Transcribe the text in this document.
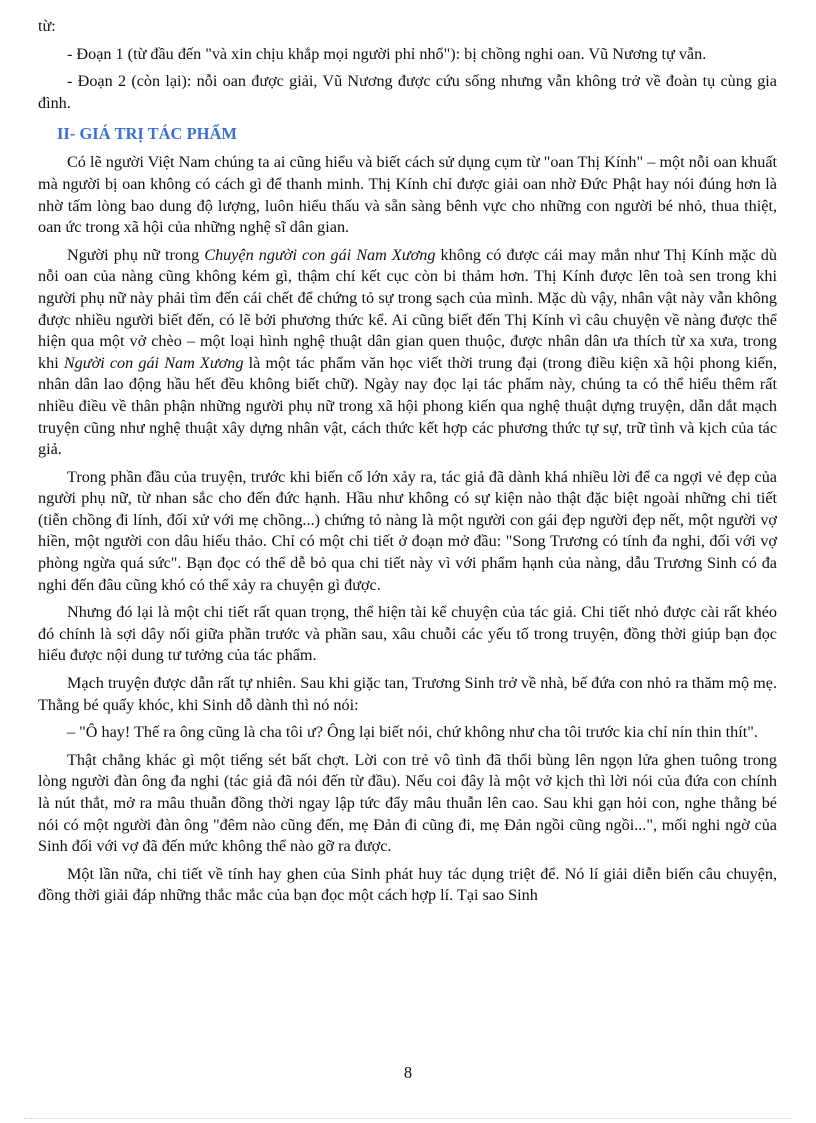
từ:

- Đoạn 1 (từ đầu đến "và xin chịu khắp mọi người phỉ nhổ"): bị chồng nghi oan. Vũ Nương tự vẫn.

- Đoạn 2 (còn lại): nỗi oan được giải, Vũ Nương được cứu sống nhưng vẫn không trở về đoàn tụ cùng gia đình.

II- GIÁ TRỊ TÁC PHẨM

Có lẽ người Việt Nam chúng ta ai cũng hiểu và biết cách sử dụng cụm từ "oan Thị Kính" – một nỗi oan khuất mà người bị oan không có cách gì để thanh minh. Thị Kính chỉ được giải oan nhờ Đức Phật hay nói đúng hơn là nhờ tấm lòng bao dung độ lượng, luôn hiểu thấu và sẵn sàng bênh vực cho những con người bé nhỏ, thua thiệt, oan ức trong xã hội của những nghệ sĩ dân gian.

Người phụ nữ trong Chuyện người con gái Nam Xương không có được cái may mắn như Thị Kính mặc dù nỗi oan của nàng cũng không kém gì, thậm chí kết cục còn bi thảm hơn. Thị Kính được lên toà sen trong khi người phụ nữ này phải tìm đến cái chết để chứng tỏ sự trong sạch của mình. Mặc dù vậy, nhân vật này vẫn không được nhiều người biết đến, có lẽ bởi phương thức kể. Ai cũng biết đến Thị Kính vì câu chuyện về nàng được thể hiện qua một vở chèo – một loại hình nghệ thuật dân gian quen thuộc, được nhân dân ưa thích từ xa xưa, trong khi Người con gái Nam Xương là một tác phẩm văn học viết thời trung đại (trong điều kiện xã hội phong kiến, nhân dân lao động hầu hết đều không biết chữ). Ngày nay đọc lại tác phẩm này, chúng ta có thể hiểu thêm rất nhiều điều về thân phận những người phụ nữ trong xã hội phong kiến qua nghệ thuật dựng truyện, dẫn dắt mạch truyện cũng như nghệ thuật xây dựng nhân vật, cách thức kết hợp các phương thức tự sự, trữ tình và kịch của tác giả.

Trong phần đầu của truyện, trước khi biến cố lớn xảy ra, tác giả đã dành khá nhiều lời để ca ngợi vẻ đẹp của người phụ nữ, từ nhan sắc cho đến đức hạnh. Hầu như không có sự kiện nào thật đặc biệt ngoài những chi tiết (tiễn chồng đi lính, đối xử với mẹ chồng...) chứng tỏ nàng là một người con gái đẹp người đẹp nết, một người vợ hiền, một người con dâu hiếu thảo. Chỉ có một chi tiết ở đoạn mở đầu: "Song Trương có tính đa nghi, đối với vợ phòng ngừa quá sức". Bạn đọc có thể dễ bỏ qua chi tiết này vì với phẩm hạnh của nàng, dẫu Trương Sinh có đa nghi đến đâu cũng khó có thể xảy ra chuyện gì được.

Nhưng đó lại là một chi tiết rất quan trọng, thể hiện tài kể chuyện của tác giả. Chi tiết nhỏ được cài rất khéo đó chính là sợi dây nối giữa phần trước và phần sau, xâu chuỗi các yếu tố trong truyện, đồng thời giúp bạn đọc hiểu được nội dung tư tưởng của tác phẩm.

Mạch truyện được dẫn rất tự nhiên. Sau khi giặc tan, Trương Sinh trở về nhà, bế đứa con nhỏ ra thăm mộ mẹ. Thằng bé quấy khóc, khi Sinh dỗ dành thì nó nói:

– "Ô hay! Thế ra ông cũng là cha tôi ư? Ông lại biết nói, chứ không như cha tôi trước kia chỉ nín thin thít".

Thật chẳng khác gì một tiếng sét bất chợt. Lời con trẻ vô tình đã thổi bùng lên ngọn lửa ghen tuông trong lòng người đàn ông đa nghi (tác giả đã nói đến từ đầu). Nếu coi đây là một vở kịch thì lời nói của đứa con chính là nút thắt, mở ra mâu thuẫn đồng thời ngay lập tức đẩy mâu thuẫn lên cao. Sau khi gạn hỏi con, nghe thằng bé nói có một người đàn ông "đêm nào cũng đến, mẹ Đản đi cũng đi, mẹ Đản ngồi cũng ngồi...", mối nghi ngờ của Sinh đối với vợ đã đến mức không thể nào gỡ ra được.

Một lần nữa, chi tiết về tính hay ghen của Sinh phát huy tác dụng triệt để. Nó lí giải diễn biến câu chuyện, đồng thời giải đáp những thắc mắc của bạn đọc một cách hợp lí. Tại sao Sinh

8
